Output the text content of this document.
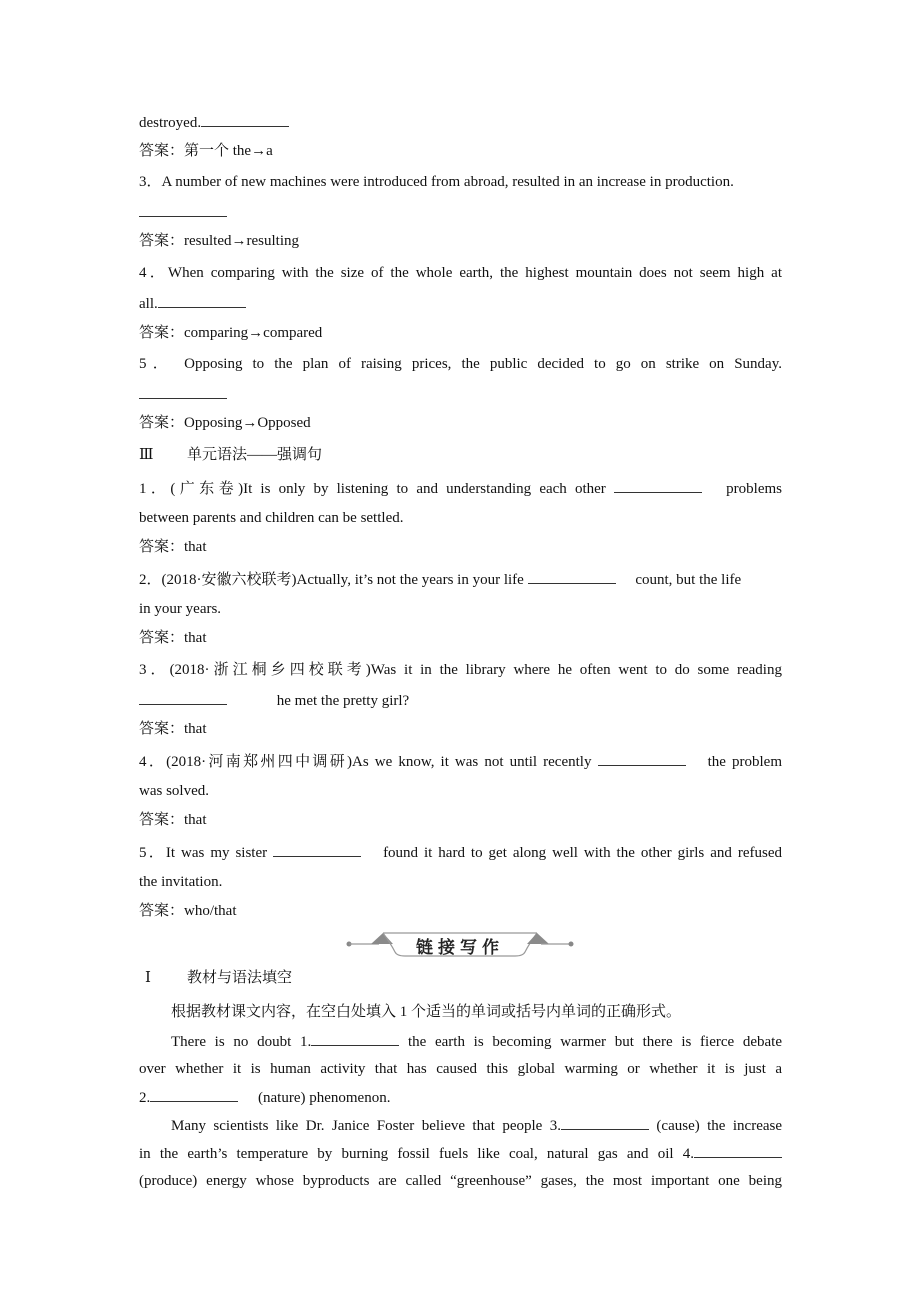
destroyed.
答案：第一个 the→a
3．A number of new machines were introduced from abroad, resulted in an increase in production.
答案：resulted→resulting
4．When comparing with the size of the whole earth, the highest mountain does not seem high at
all.
答案：comparing→compared
5． Opposing to the plan of raising prices, the public decided to go on strike on Sunday.
答案：Opposing→Opposed
Ⅲ 单元语法——强调句
1．(广东卷)It is only by listening to and understanding each other	problems
between parents and children can be settled.
答案：that
2．(2018·安徽六校联考)Actually, it’s not the years in your life	count, but the life
in your years.
答案：that
3．(2018·浙江桐乡四校联考)Was it in the library where he often went to do some reading
he met the pretty girl?
答案：that
4．(2018·河南郑州四中调研)As we know, it was not until recently	the problem
was solved.
答案：that
5．It was my sister	found it hard to get along well with the other girls and refused
the invitation.
答案：who/that
链接写作
Ⅰ 教材与语法填空
根据教材课文内容，在空白处填入 1 个适当的单词或括号内单词的正确形式。
There is no doubt 1.	the earth is becoming warmer but there is fierce debate
over whether it is human activity that has caused this global warming or whether it is just a
2.	(nature) phenomenon.
Many scientists like Dr. Janice Foster believe that people 3.	(cause) the increase
in the earth’s temperature by burning fossil fuels like coal, natural gas and oil 4.
(produce) energy whose byproducts are called “greenhouse” gases, the most important one being
